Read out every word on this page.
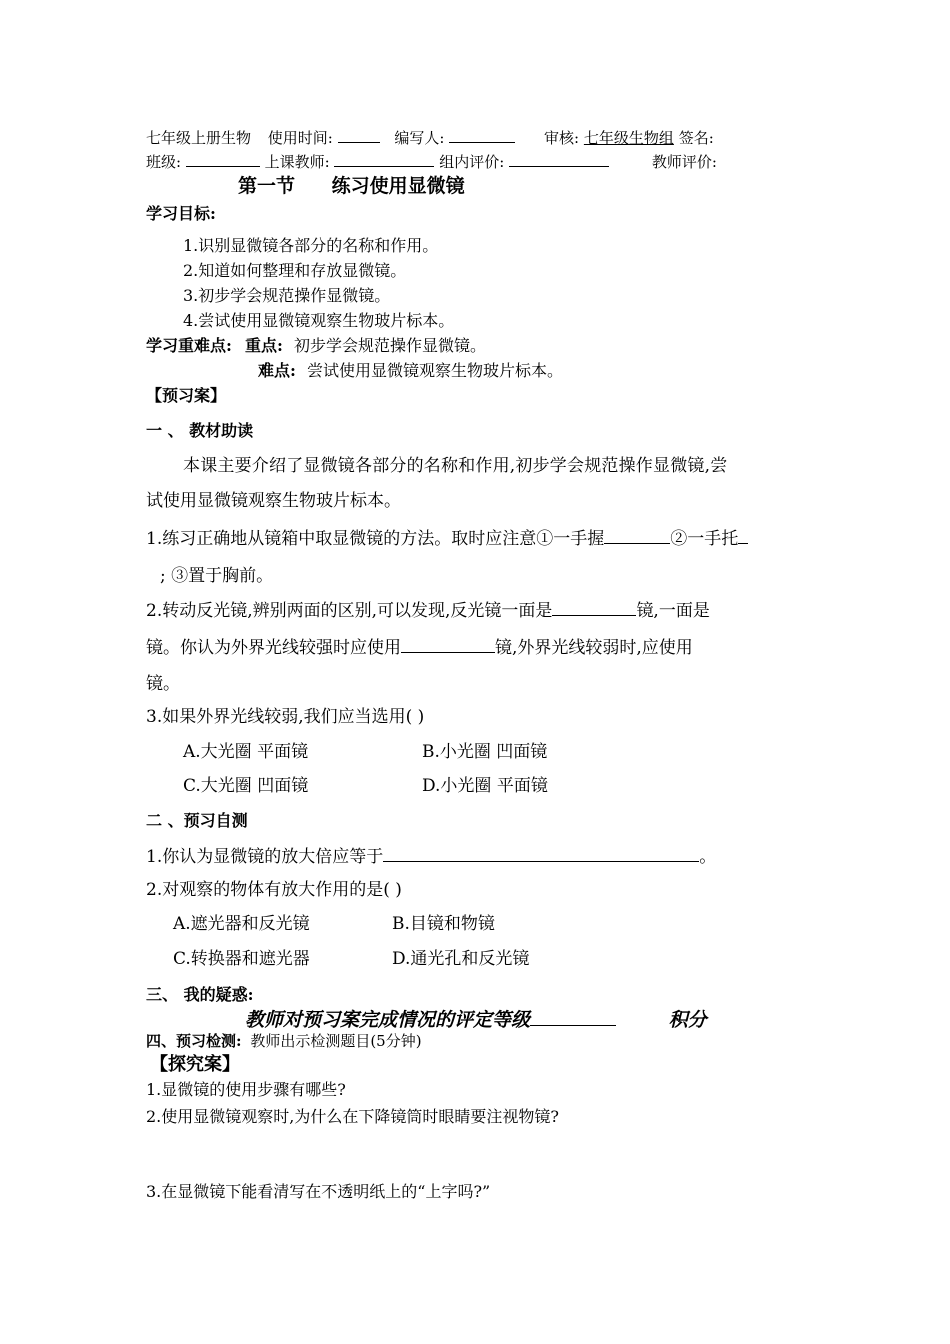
七年级上册生物 使用时间:	编写人:	审核: 七年级生物组 签名:
班级:	上课教师:	组内评价:	教师评价:
第一节 练习使用显微镜
学习目标:
1.识别显微镜各部分的名称和作用。
2.知道如何整理和存放显微镜。
3.初步学会规范操作显微镜。
4.尝试使用显微镜观察生物玻片标本。
学习重难点: 重点: 初步学会规范操作显微镜。
难点: 尝试使用显微镜观察生物玻片标本。
【预习案】
一 、 教材助读
本课主要介绍了显微镜各部分的名称和作用,初步学会规范操作显微镜,尝
试使用显微镜观察生物玻片标本。
1.练习正确地从镜箱中取显微镜的方法。取时应注意①一手握	②一手托
; ③置于胸前。
2.转动反光镜,辨别两面的区别,可以发现,反光镜一面是	镜,一面是
镜。你认为外界光线较强时应使用	镜,外界光线较弱时,应使用
镜。
3.如果外界光线较弱,我们应当选用( )
A.大光圈 平面镜	B.小光圈 凹面镜
C.大光圈 凹面镜	D.小光圈 平面镜
二 、预习自测
1.你认为显微镜的放大倍应等于	。
2.对观察的物体有放大作用的是( )
A.遮光器和反光镜	B.目镜和物镜
C.转换器和遮光器	D.通光孔和反光镜
三、 我的疑惑:
教师对预习案完成情况的评定等级	积分
四、预习检测: 教师出示检测题目(5分钟)
【探究案】
1.显微镜的使用步骤有哪些?
2.使用显微镜观察时,为什么在下降镜筒时眼睛要注视物镜?
3.在显微镜下能看清写在不透明纸上的“上字吗?”
